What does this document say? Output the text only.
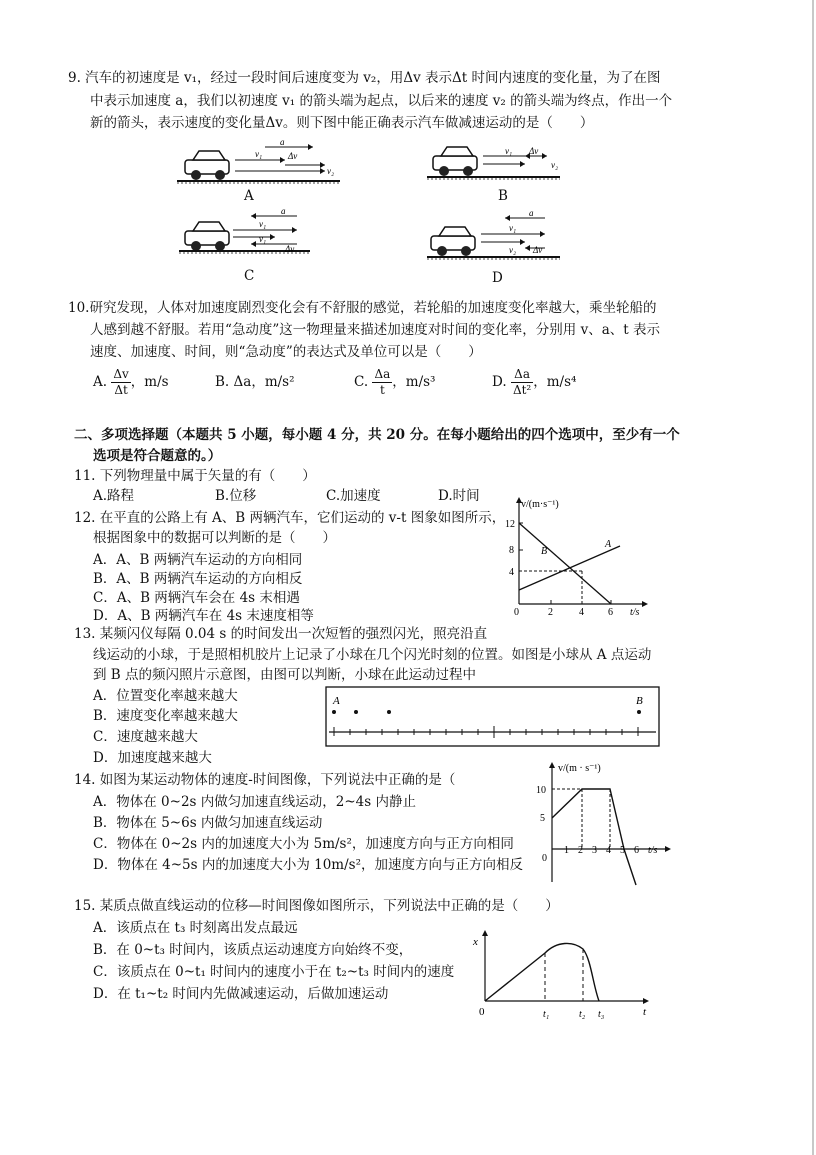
9. 汽车的初速度是 v₁，经过一段时间后速度变为 v₂，用Δv 表示Δt 时间内速度的变化量，为了在图
中表示加速度 a，我们以初速度 v₁ 的箭头端为起点，以后来的速度 v₂ 的箭头端为终点，作出一个
新的箭头，表示速度的变化量Δv。则下图中能正确表示汽车做减速运动的是（　　）
a
v₁	Δv
v₂
A
v₁ Δv
v₂
B
a
v₁
v₁
Δv
C
a
v₁
v₂ Δv
D
10.研究发现，人体对加速度剧烈变化会有不舒服的感觉，若轮船的加速度变化率越大，乘坐轮船的
人感到越不舒服。若用“急动度”这一物理量来描述加速度对时间的变化率，分别用 v、a、t 表示
速度、加速度、时间，则“急动度”的表达式及单位可以是（　　）
A. $\frac{\Delta v}{\Delta t}$ ，m/s	B. Δa，m/s²	C. $\frac{\Delta a}{t}$ ，m/s³	D. $\frac{\Delta a}{\text{Δt²}}$ ，m/s⁴
二、多项选择题（本题共 5 小题，每小题 4 分，共 20 分。在每小题给出的四个选项中，至少有一个
选项是符合题意的。）
11. 下列物理量中属于矢量的有（　　）
A.路程	B.位移	C.加速度	D.时间
12. 在平直的公路上有 A、B 两辆汽车，它们运动的 v-t 图象如图所示，
根据图象中的数据可以判断的是（　　）
A．A、B 两辆汽车运动的方向相同
B．A、B 两辆汽车运动的方向相反
C．A、B 两辆汽车会在 4s 末相遇
D．A、B 两辆汽车在 4s 末速度相等
v/(m·s⁻¹)
12
8
4
0	2	4 6 t/s
A
B
13. 某频闪仪每隔 0.04 s 的时间发出一次短暂的强烈闪光，照亮沿直
线运动的小球，于是照相机胶片上记录了小球在几个闪光时刻的位置。如图是小球从 A 点运动
到 B 点的频闪照片示意图，由图可以判断，小球在此运动过程中
A．位置变化率越来越大
B．速度变化率越来越大
C．速度越来越大
D．加速度越来越大
A	B
14. 如图为某运动物体的速度-时间图像，下列说法中正确的是（
A．物体在 0~2s 内做匀加速直线运动，2~4s 内静止
B．物体在 5~6s 内做匀加速直线运动
C．物体在 0~2s 内的加速度大小为 5m/s²，加速度方向与正方向相同
D．物体在 4~5s 内的加速度大小为 10m/s²，加速度方向与正方向相反
v/(m · s⁻¹)
10
5
0
1 2 3 4 5 6 t/s
15. 某质点做直线运动的位移—时间图像如图所示，下列说法中正确的是（　　）
A．该质点在 t₃ 时刻离出发点最远
B．在 0~t₃ 时间内，该质点运动速度方向始终不变，
C．该质点在 0~t₁ 时间内的速度小于在 t₂~t₃ 时间内的速度
D．在 t₁~t₂ 时间内先做减速运动，后做加速运动
x
t
0	t₁	t₂ t₃
